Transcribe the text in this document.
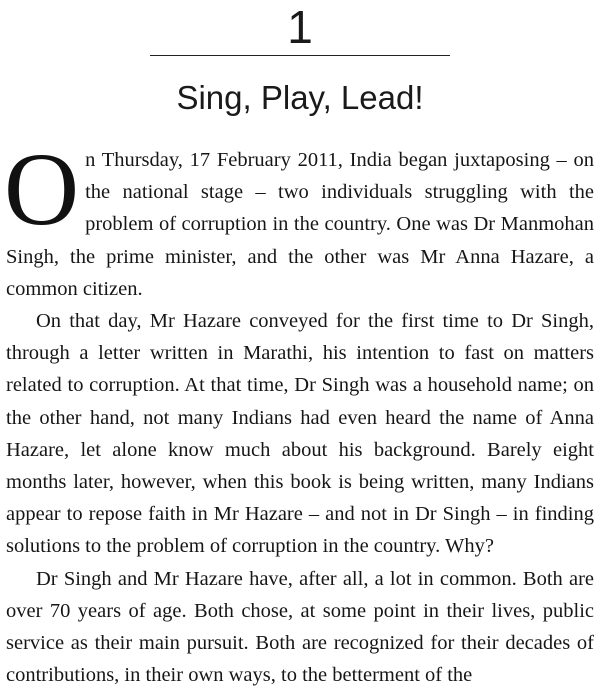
1
Sing, Play, Lead!

On Thursday, 17 February 2011, India began juxtaposing – on the national stage – two individuals struggling with the problem of corruption in the country. One was Dr Manmohan Singh, the prime minister, and the other was Mr Anna Hazare, a common citizen.

On that day, Mr Hazare conveyed for the first time to Dr Singh, through a letter written in Marathi, his intention to fast on matters related to corruption. At that time, Dr Singh was a household name; on the other hand, not many Indians had even heard the name of Anna Hazare, let alone know much about his background. Barely eight months later, however, when this book is being written, many Indians appear to repose faith in Mr Hazare – and not in Dr Singh – in finding solutions to the problem of corruption in the country. Why?

Dr Singh and Mr Hazare have, after all, a lot in common. Both are over 70 years of age. Both chose, at some point in their lives, public service as their main pursuit. Both are recognized for their decades of contributions, in their own ways, to the betterment of the
